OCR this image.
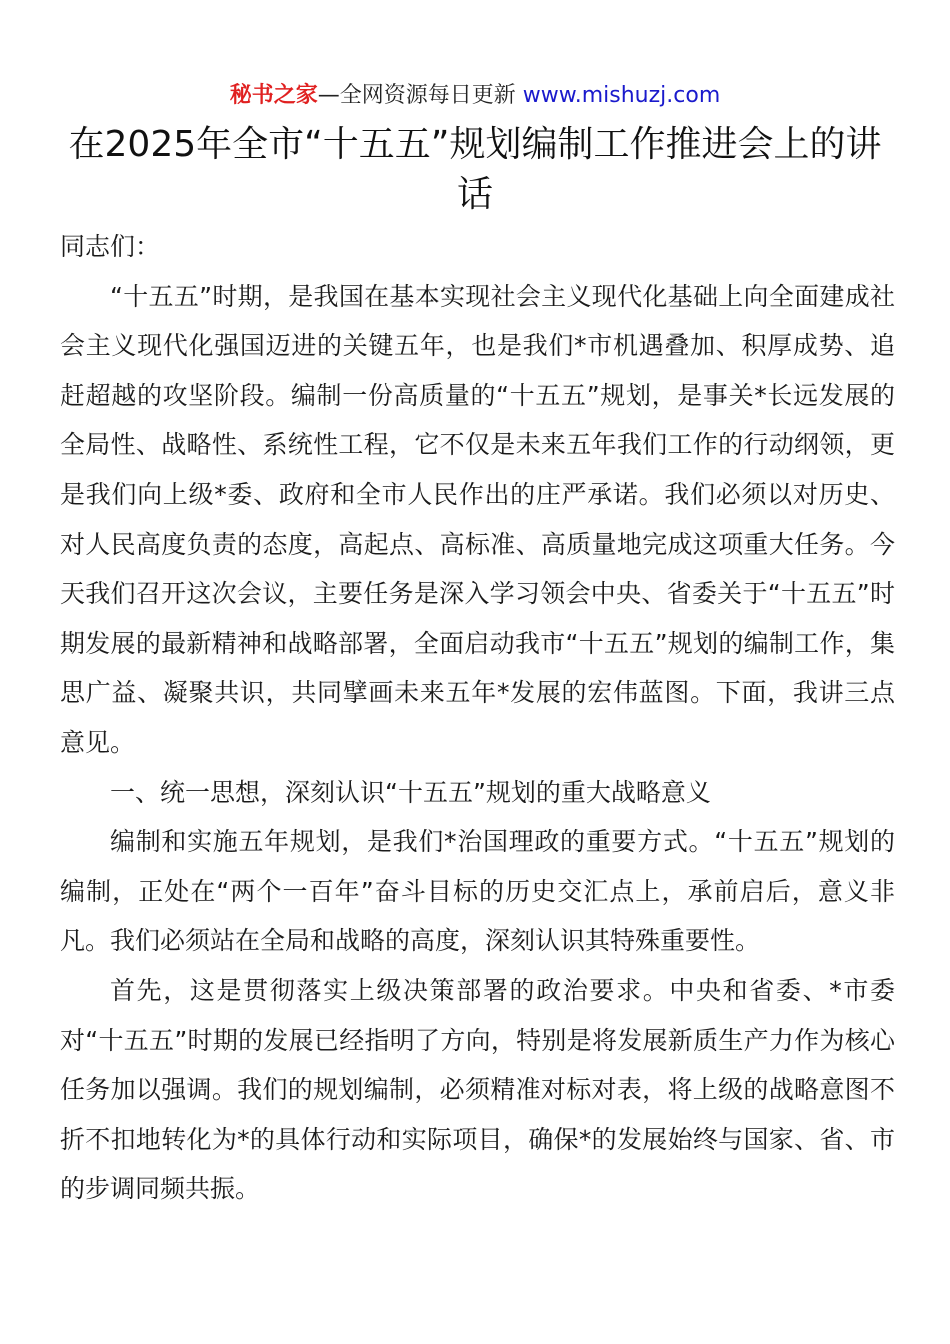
秘书之家—全网资源每日更新 www.mishuzj.com
在2025年全市“十五五”规划编制工作推进会上的讲话

同志们：

“十五五”时期，是我国在基本实现社会主义现代化基础上向全面建成社会主义现代化强国迈进的关键五年，也是我们*市机遇叠加、积厚成势、追赶超越的攻坚阶段。编制一份高质量的“十五五”规划，是事关*长远发展的全局性、战略性、系统性工程，它不仅是未来五年我们工作的行动纲领，更是我们向上级*委、政府和全市人民作出的庄严承诺。我们必须以对历史、对人民高度负责的态度，高起点、高标准、高质量地完成这项重大任务。今天我们召开这次会议，主要任务是深入学习领会中央、省委关于“十五五”时期发展的最新精神和战略部署，全面启动我市“十五五”规划的编制工作，集思广益、凝聚共识，共同擘画未来五年*发展的宏伟蓝图。下面，我讲三点意见。

一、统一思想，深刻认识“十五五”规划的重大战略意义

编制和实施五年规划，是我们*治国理政的重要方式。“十五五”规划的编制，正处在“两个一百年”奋斗目标的历史交汇点上，承前启后，意义非凡。我们必须站在全局和战略的高度，深刻认识其特殊重要性。

首先，这是贯彻落实上级决策部署的政治要求。中央和省委、*市委对“十五五”时期的发展已经指明了方向，特别是将发展新质生产力作为核心任务加以强调。我们的规划编制，必须精准对标对表，将上级的战略意图不折不扣地转化为*的具体行动和实际项目，确保*的发展始终与国家、省、市的步调同频共振。
